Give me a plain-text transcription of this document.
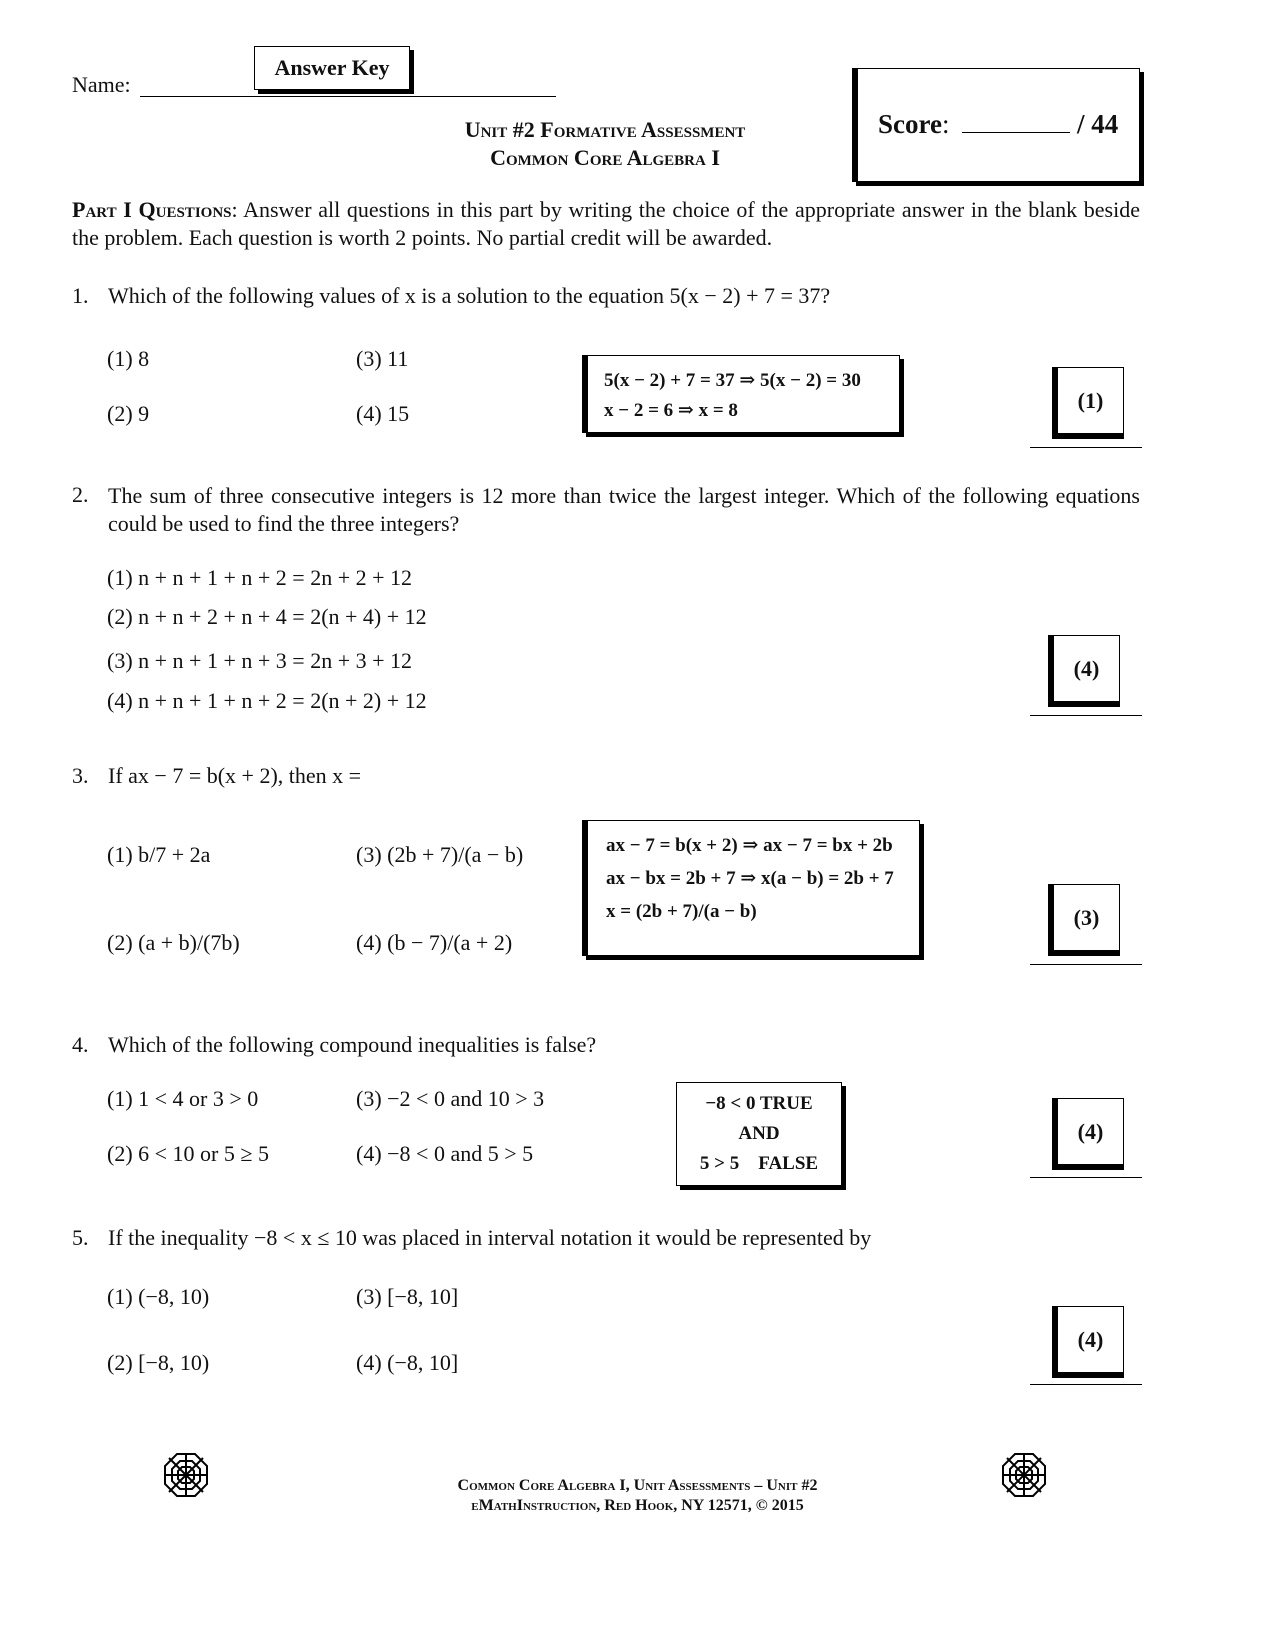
Name:
Answer Key
Unit #2 Formative Assessment
Common Core Algebra I
Score:	/ 44
Part I Questions: Answer all questions in this part by writing the choice of the appropriate answer in the blank beside the problem. Each question is worth 2 points. No partial credit will be awarded.
1. Which of the following values of x is a solution to the equation 5(x − 2) + 7 = 37?
(1) 8
(2) 9
(3) 11
(4) 15
5(x − 2) + 7 = 37 ⇒ 5(x − 2) = 30
x − 2 = 6 ⇒ x = 8	(1)
2. The sum of three consecutive integers is 12 more than twice the largest integer. Which of the following equations could be used to find the three integers?
(1) n + n + 1 + n + 2 = 2n + 2 + 12
(2) n + n + 2 + n + 4 = 2(n + 4) + 12
(3) n + n + 1 + n + 3 = 2n + 3 + 12
(4) n + n + 1 + n + 2 = 2(n + 2) + 12
(4)
3. If ax − 7 = b(x + 2), then x =
(1) b/7 + 2a
(2) (a + b)/(7b)
(3) (2b + 7)/(a − b)
(4) (b − 7)/(a + 2)
ax − 7 = b(x + 2) ⇒ ax − 7 = bx + 2b
ax − bx = 2b + 7 ⇒ x(a − b) = 2b + 7
x = (2b + 7)/(a − b)	(3)
4. Which of the following compound inequalities is false?
(1) 1 < 4 or 3 > 0
(2) 6 < 10 or 5 ≥ 5
(3) −2 < 0 and 10 > 3
(4) −8 < 0 and 5 > 5
−8 < 0 TRUE
AND
5 > 5    FALSE
(4)
5. If the inequality −8 < x ≤ 10 was placed in interval notation it would be represented by
(1) (−8, 10)
(2) [−8, 10)
(3) [−8, 10]
(4) (−8, 10]
(4)
Common Core Algebra I, Unit Assessments – Unit #2
eMathInstruction, Red Hook, NY 12571, © 2015
